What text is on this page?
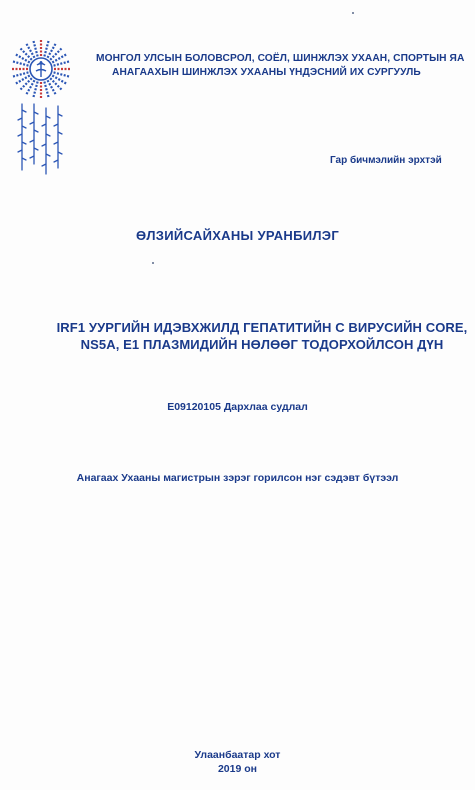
МОНГОЛ УЛСЫН БОЛОВСРОЛ, СОЁЛ, ШИНЖЛЭХ УХААН, СПОРТЫН ЯА
АНАГААХЫН ШИНЖЛЭХ УХААНЫ ҮНДЭСНИЙ ИХ СУРГУУЛЬ
Гар бичмэлийн эрхтэй
ӨЛЗИЙСАЙХАНЫ УРАНБИЛЭГ
IRF1 УУРГИЙН ИДЭВХЖИЛД ГЕПАТИТИЙН С ВИРУСИЙН CORE,
NS5A, E1 ПЛАЗМИДИЙН НӨЛӨӨГ ТОДОРХОЙЛСОН ДҮН
E09120105 Дархлаа судлал
Анагаах Ухааны магистрын зэрэг горилсон нэг сэдэвт бүтээл
Улаанбаатар хот
2019 он
